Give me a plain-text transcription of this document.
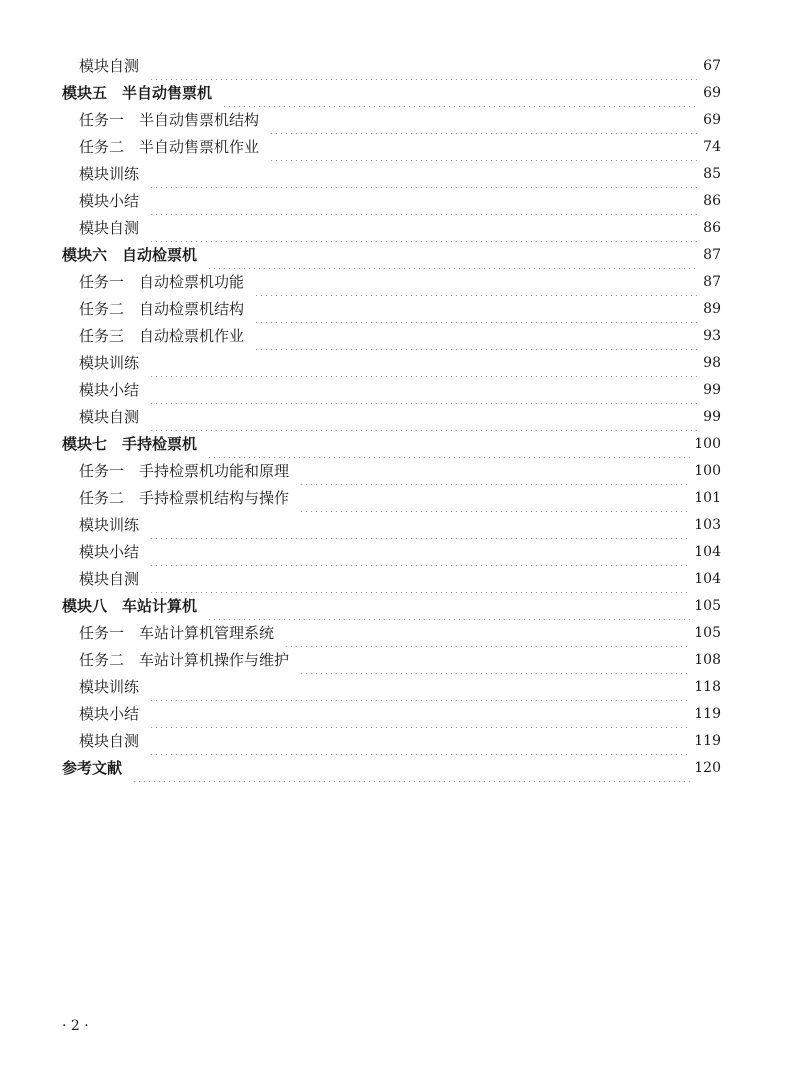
模块自测	67
模块五　半自动售票机	69
任务一　半自动售票机结构	69
任务二　半自动售票机作业	74
模块训练	85
模块小结	86
模块自测	86
模块六　自动检票机	87
任务一　自动检票机功能	87
任务二　自动检票机结构	89
任务三　自动检票机作业	93
模块训练	98
模块小结	99
模块自测	99
模块七　手持检票机	100
任务一　手持检票机功能和原理	100
任务二　手持检票机结构与操作	101
模块训练	103
模块小结	104
模块自测	104
模块八　车站计算机	105
任务一　车站计算机管理系统	105
任务二　车站计算机操作与维护	108
模块训练	118
模块小结	119
模块自测	119
参考文献	120
· 2 ·
